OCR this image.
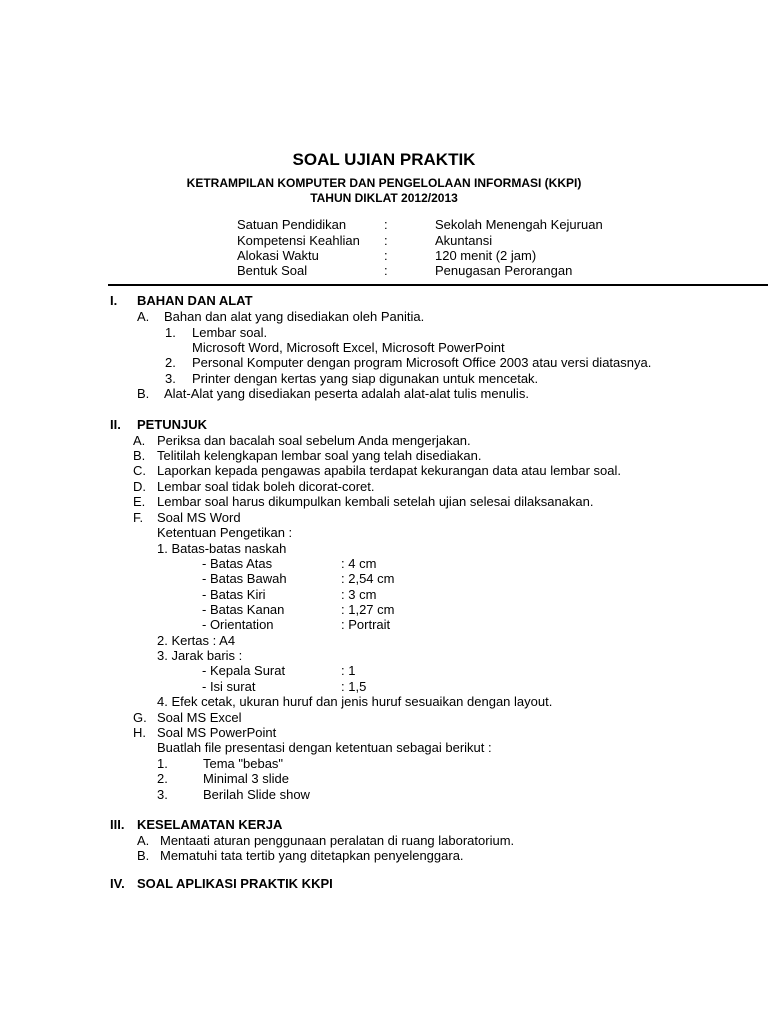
SOAL UJIAN PRAKTIK
KETRAMPILAN KOMPUTER DAN PENGELOLAAN INFORMASI (KKPI)
TAHUN DIKLAT 2012/2013
Satuan Pendidikan	:	Sekolah Menengah Kejuruan
Kompetensi Keahlian :	Akuntansi
Alokasi Waktu	:	120 menit (2 jam)
Bentuk Soal	:	Penugasan Perorangan
I. BAHAN DAN ALAT
A. Bahan dan alat yang disediakan oleh Panitia.
1. Lembar soal.
Microsoft Word, Microsoft Excel, Microsoft PowerPoint
2. Personal Komputer dengan program Microsoft Office 2003 atau versi diatasnya.
3. Printer dengan kertas yang siap digunakan untuk mencetak.
B. Alat-Alat yang disediakan peserta adalah alat-alat tulis menulis.
II. PETUNJUK
A. Periksa dan bacalah soal sebelum Anda mengerjakan.
B. Telitilah kelengkapan lembar soal yang telah disediakan.
C. Laporkan kepada pengawas apabila terdapat kekurangan data atau lembar soal.
D. Lembar soal tidak boleh dicorat-coret.
E. Lembar soal harus dikumpulkan kembali setelah ujian selesai dilaksanakan.
F. Soal MS Word
Ketentuan Pengetikan :
1. Batas-batas naskah
- Batas Atas	: 4 cm
- Batas Bawah	: 2,54 cm
- Batas Kiri	: 3 cm
- Batas Kanan	: 1,27 cm
- Orientation	: Portrait
2. Kertas : A4
3. Jarak baris :
- Kepala Surat	: 1
- Isi surat	: 1,5
4. Efek cetak, ukuran huruf dan jenis huruf sesuaikan dengan layout.
G. Soal MS Excel
H. Soal MS PowerPoint
Buatlah file presentasi dengan ketentuan sebagai berikut :
1.	Tema "bebas"
2.	Minimal 3 slide
3.	Berilah Slide show
III. KESELAMATAN KERJA
A. Mentaati aturan penggunaan peralatan di ruang laboratorium.
B. Mematuhi tata tertib yang ditetapkan penyelenggara.
IV. SOAL APLIKASI PRAKTIK KKPI
